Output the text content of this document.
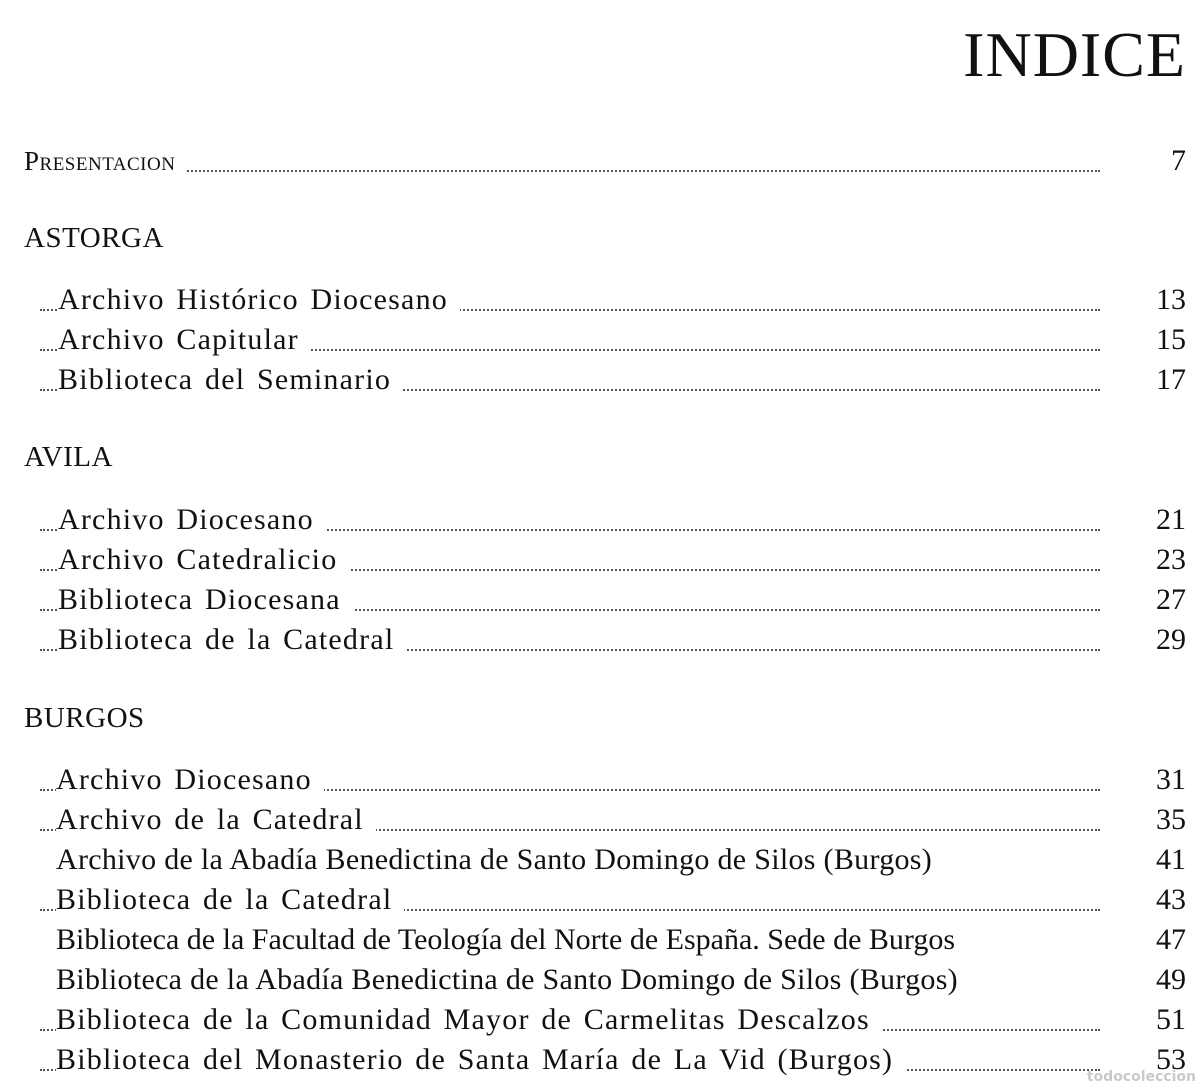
INDICE
Presentacion	7
ASTORGA
Archivo Histórico Diocesano	13
Archivo Capitular	15
Biblioteca del Seminario	17
AVILA
Archivo Diocesano	21
Archivo Catedralicio	23
Biblioteca Diocesana	27
Biblioteca de la Catedral	29
BURGOS
Archivo Diocesano	31
Archivo de la Catedral	35
Archivo de la Abadía Benedictina de Santo Domingo de Silos (Burgos)	41
Biblioteca de la Catedral	43
Biblioteca de la Facultad de Teología del Norte de España. Sede de Burgos	47
Biblioteca de la Abadía Benedictina de Santo Domingo de Silos (Burgos)	49
Biblioteca de la Comunidad Mayor de Carmelitas Descalzos	51
Biblioteca del Monasterio de Santa María de La Vid (Burgos)	53
todocoleccion
